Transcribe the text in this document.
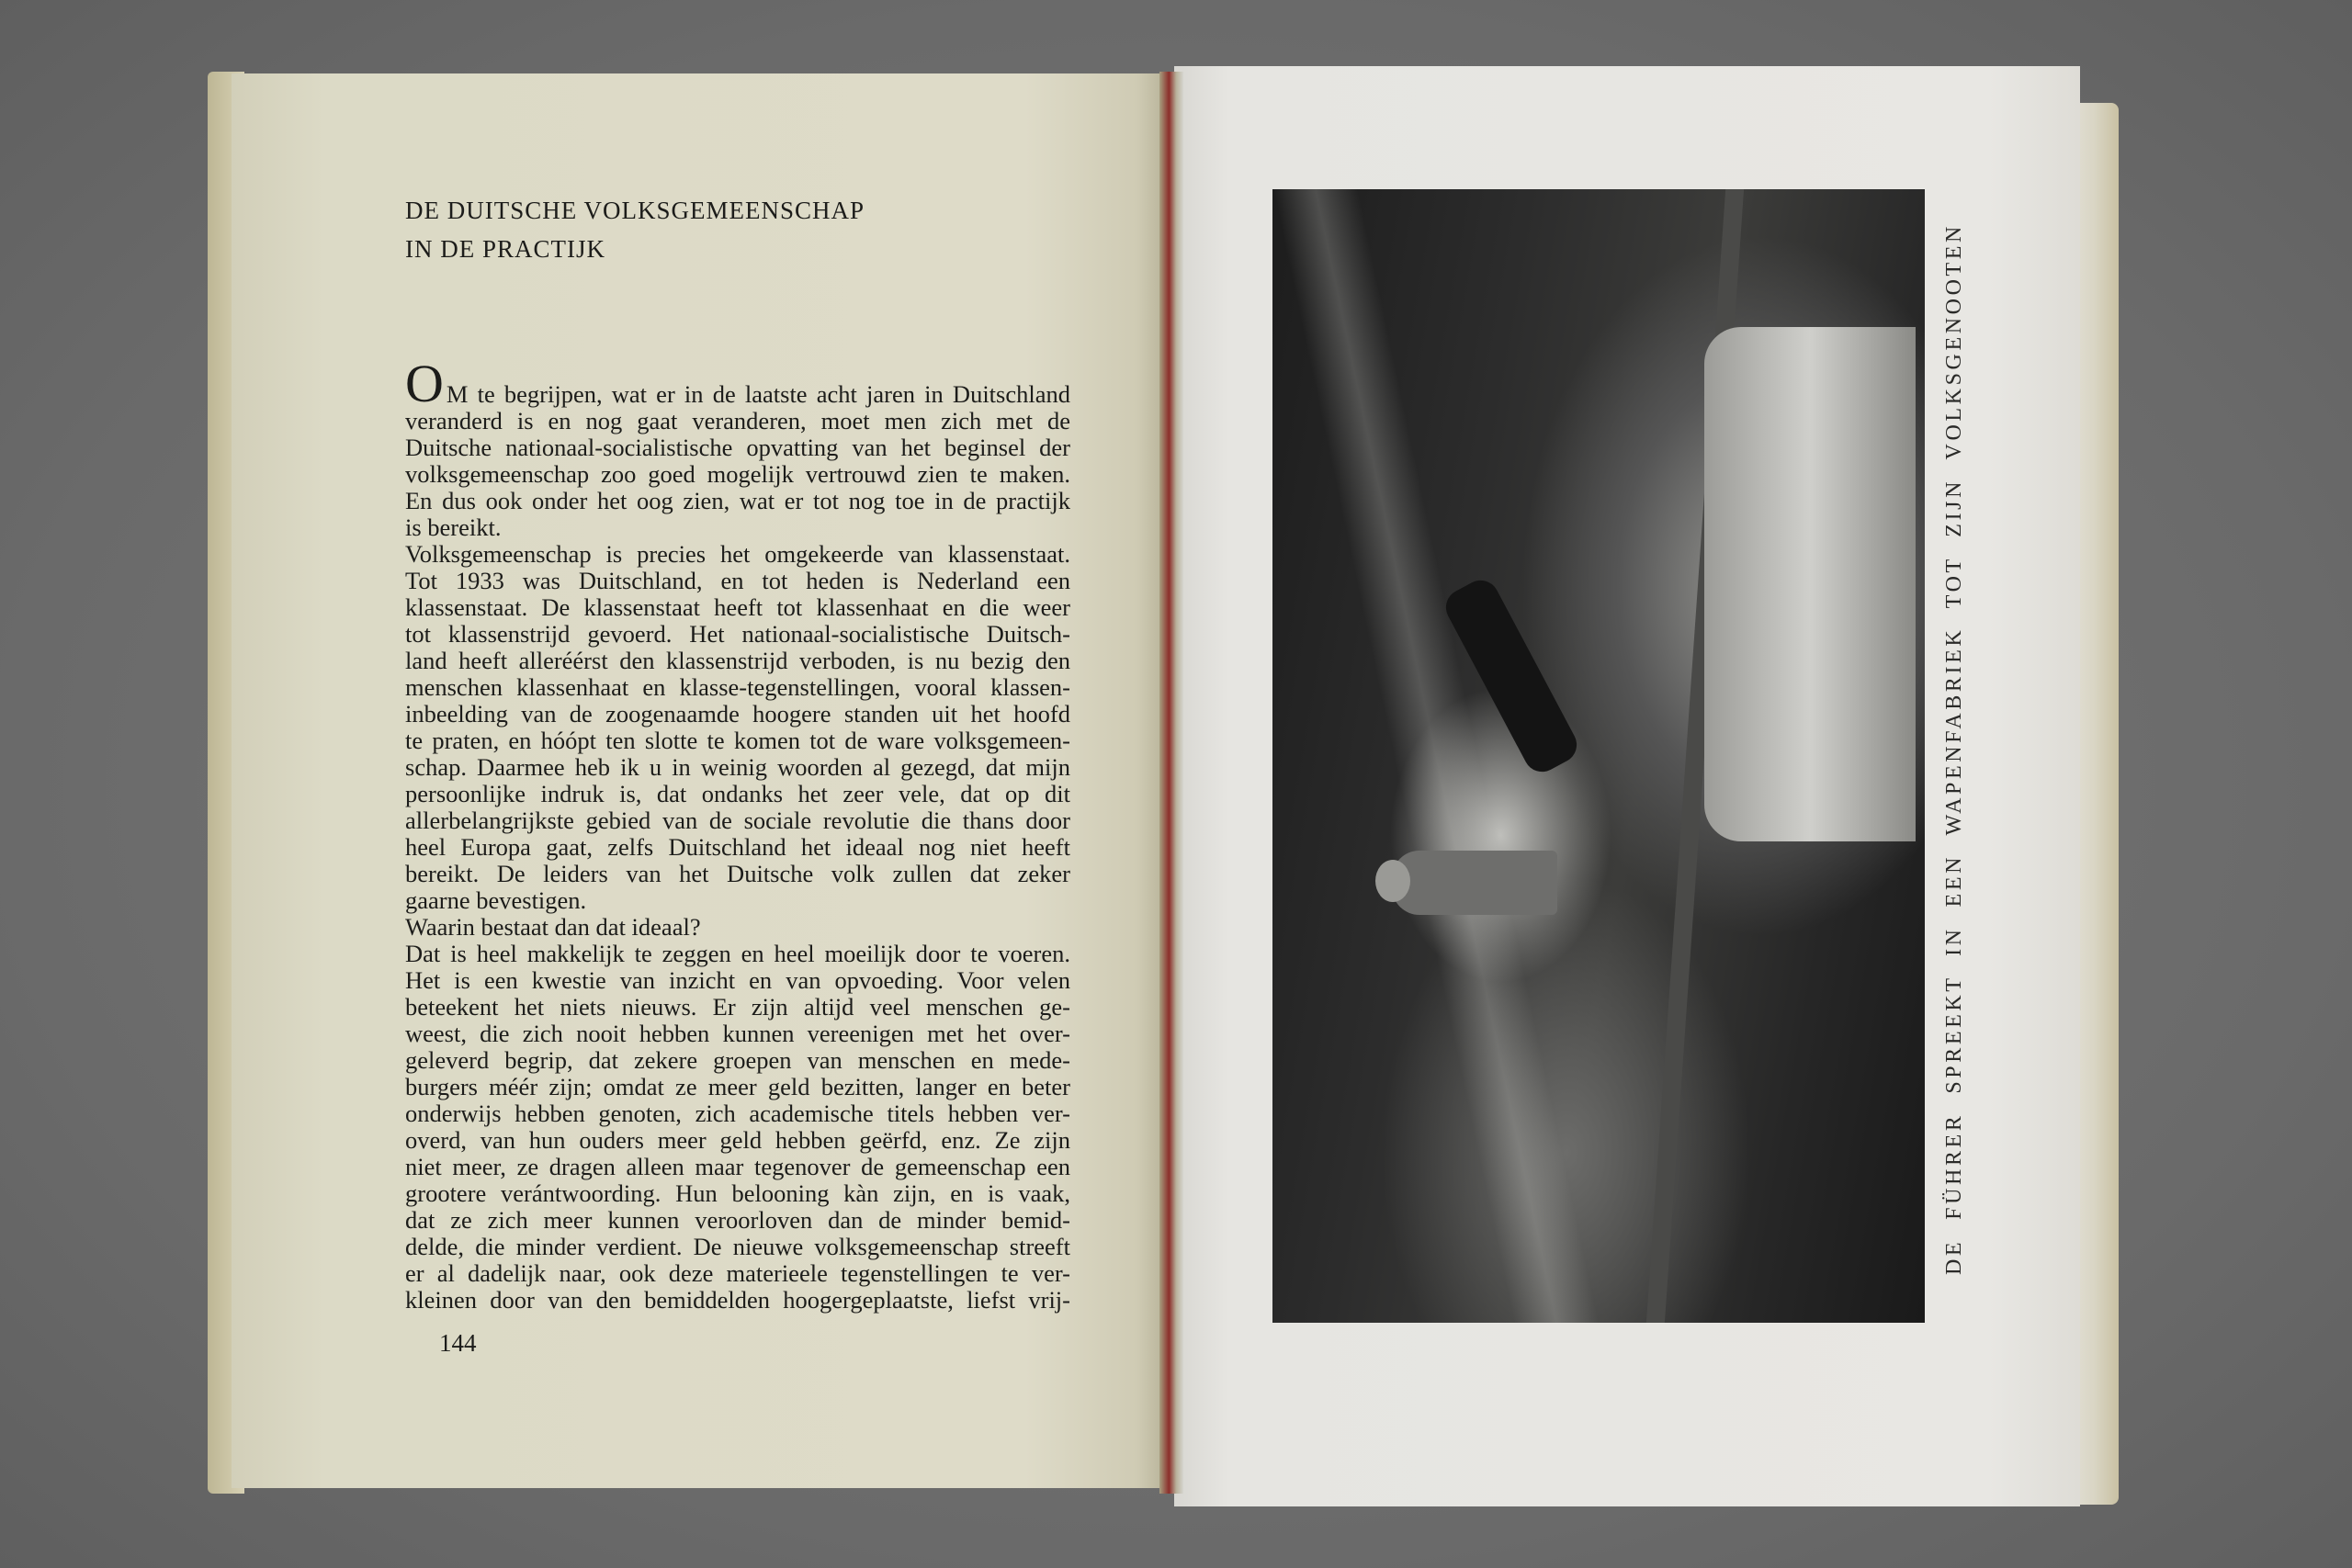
DE DUITSCHE VOLKSGEMEENSCHAP
IN DE PRACTIJK
O M te begrijpen, wat er in de laatste acht jaren in Duitschland
veranderd is en nog gaat veranderen, moet men zich met de
Duitsche nationaal-socialistische opvatting van het beginsel der
volksgemeenschap zoo goed mogelijk vertrouwd zien te maken.
En dus ook onder het oog zien, wat er tot nog toe in de practijk
is bereikt.
Volksgemeenschap is precies het omgekeerde van klassenstaat.
Tot 1933 was Duitschland, en tot heden is Nederland een
klassenstaat. De klassenstaat heeft tot klassenhaat en die weer
tot klassenstrijd gevoerd. Het nationaal-socialistische Duitsch-
land heeft alleréérst den klassenstrijd verboden, is nu bezig den
menschen klassenhaat en klasse-tegenstellingen, vooral klassen-
inbeelding van de zoogenaamde hoogere standen uit het hoofd
te praten, en hóópt ten slotte te komen tot de ware volksgemeen-
schap. Daarmee heb ik u in weinig woorden al gezegd, dat mijn
persoonlijke indruk is, dat ondanks het zeer vele, dat op dit
allerbelangrijkste gebied van de sociale revolutie die thans door
heel Europa gaat, zelfs Duitschland het ideaal nog niet heeft
bereikt. De leiders van het Duitsche volk zullen dat zeker
gaarne bevestigen.
Waarin bestaat dan dat ideaal?
Dat is heel makkelijk te zeggen en heel moeilijk door te voeren.
Het is een kwestie van inzicht en van opvoeding. Voor velen
beteekent het niets nieuws. Er zijn altijd veel menschen ge-
weest, die zich nooit hebben kunnen vereenigen met het over-
geleverd begrip, dat zekere groepen van menschen en mede-
burgers méér zijn; omdat ze meer geld bezitten, langer en beter
onderwijs hebben genoten, zich academische titels hebben ver-
overd, van hun ouders meer geld hebben geërfd, enz. Ze zijn
niet meer, ze dragen alleen maar tegenover de gemeenschap een
grootere verántwoording. Hun belooning kàn zijn, en is vaak,
dat ze zich meer kunnen veroorloven dan de minder bemid-
delde, die minder verdient. De nieuwe volksgemeenschap streeft
er al dadelijk naar, ook deze materieele tegenstellingen te ver-
kleinen door van den bemiddelden hoogergeplaatste, liefst vrij-
144
DE FÜHRER SPREEKT IN EEN WAPENFABRIEK TOT ZIJN VOLKSGENOOTEN
